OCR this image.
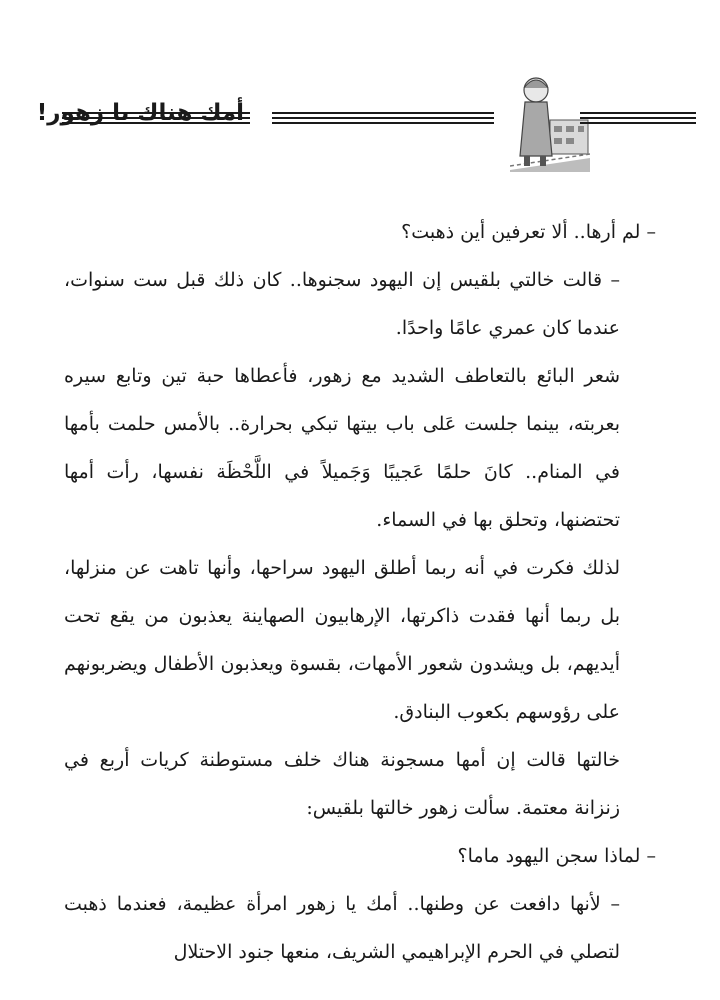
أمك هناك يا زهور!

– لم أرها.. ألا تعرفين أين ذهبت؟

– قالت خالتي بلقيس إن اليهود سجنوها.. كان ذلك قبل ست سنوات، عندما كان عمري عامًا واحدًا.

شعر البائع بالتعاطف الشديد مع زهور، فأعطاها حبة تين وتابع سيره بعربته، بينما جلست عَلى باب بيتها تبكي بحرارة.. بالأمس حلمت بأمها في المنام.. كانَ حلمًا عَجيبًا وَجَميلاً في اللَّحْظَة نفسها، رأت أمها تحتضنها، وتحلق بها في السماء.

لذلك فكرت في أنه ربما أطلق اليهود سراحها، وأنها تاهت عن منزلها، بل ربما أنها فقدت ذاكرتها، الإرهابيون الصهاينة يعذبون من يقع تحت أيديهم، بل ويشدون شعور الأمهات، بقسوة ويعذبون الأطفال ويضربونهم على رؤوسهم بكعوب البنادق.

خالتها قالت إن أمها مسجونة هناك خلف مستوطنة كريات أربع في زنزانة معتمة. سألت زهور خالتها بلقيس:

– لماذا سجن اليهود ماما؟

– لأنها دافعت عن وطنها.. أمك يا زهور امرأة عظيمة، فعندما ذهبت لتصلي في الحرم الإبراهيمي الشريف، منعها جنود الاحتلال
